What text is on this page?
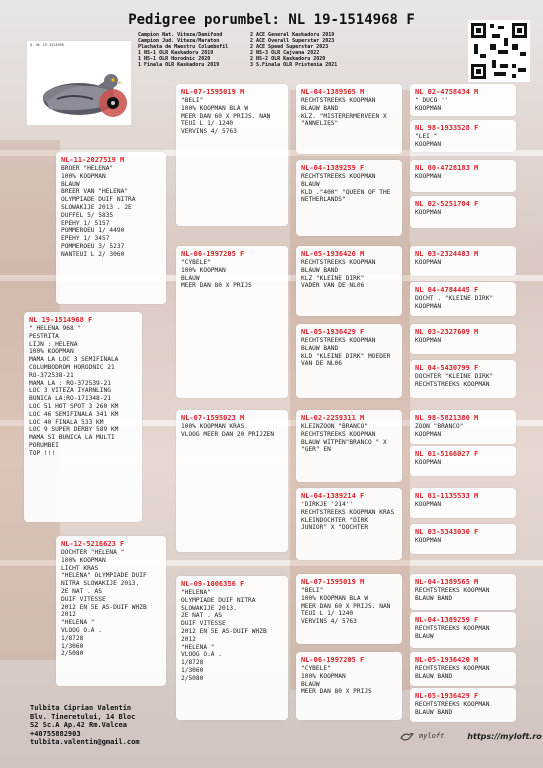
Pedigree porumbel: NL 19-1514968 F
Q. NL 19-1514968
Campion Nat. Viteza/Demifond
Campion Jud. Viteza/Maraton
Plachata de Maestru Columbofil
1 NS-1 OLR Kaskadoru 2019
1 NS-1 OLR Horodnic 2020
1 Finala OLR Kaskadoru 2019
2 ACE General Kaskadoru 2019
2 ACE Overall Superstar 2023
2 ACE Speed Superstar 2023
2 NS-3 OLR Cajvana 2022
2 NS-2 OLR Kaskadoru 2020
3 S.Finala OLR Pristenia 2021
NL 19-1514968 F
" HELENA 968 "
PESTRITA
LIJN : HELENA
100% KOOPMAN
MAMA LA LOC 3 SEMIFINALA COLUMBODROM HORODNIC 21
RO-372538-21
MAMA LA : RO-372539-21
LOC 3 VITEZA IYARNLING BUNICA LA:RO-171348-21
LOC 51 HOT SPOT 3 260 KM
LOC 46 SEMIFINALA 341 KM
LOC 40 FINALA 533 KM
LOC 9 SUPER DERBY 589 KM
MAMA SI BUNICA LA MULTI PORUMBEI
TOP !!!
NL-11-2027519 M
BROER "HELENA"
100% KOOPMAN
BLAUW
BREER VAN "HELENA" OLYMPIADE DUIF NITRA SLOWAKIJE 2013 . 2E
DUFFEL 5/ 5835
EPEHY 1/ 5157
POMMEROEU 1/ 4490
EPEHY 1/ 3457
POMMEROEU 3/ 5237
NANTEUI L 2/ 3060
NL-12-5216623 F
DOCHTER "HELENA "
100% KOOPMAN
LICHT KRAS
"HELENA" OLYMPIADE DUIF NITRA SLOWAKIJE 2013.
2E NAT . AS
DUIF VITESSE
2012 EN 5E AS-DUIF WHZB 2012
"HELENA "
VLOOG O.A .
1/8728
1/3060
2/5080
NL-07-1595019 M
"BELI"
100% KOOPMAN BLA W
MEER DAN 60 X PRIJS. NAN TEUI L 1/ 1240
VERVINS 4/ 5763
NL-06-1997205 F
"CYBELE"
100% KOOPMAN
BLAUW
MEER DAN 80 X PRIJS
NL-07-1595023 M
100% KOOPMAN KRAS
VLOOG MEER DAN 20 PRIJZEN
NL-09-1006356 F
"HELENA"
OLYMPIADE DUIF NITRA SLOWAKIJE 2013.
2E NAT . AS
DUIF VITESSE
2012 EN 5E AS-DUIF WHZB 2012
"HELENA "
VLOOG O.A .
1/8728
1/3060
2/5080
NL-04-1389565 M
RECHTSTREEKS KOOPMAN BLAUW BAND
KLZ. "MISTERERMERVEEN X "ANNELIES"
NL-04-1389259 F
RECHTSTREEKS KOOPMAN BLAUW
KLD ."400" "QUEEN OF THE NETHERLANDS"
NL-05-1936420 M
RECHTSTREEKS KOOPMAN BLAUW BAND
KLZ "KLEINE DIRK"
VADER VAN DE NL06
NL-05-1936429 F
RECHTSTREEKS KOOPMAN BLAUW BAND
KLD "KLEINE DIRK" MOEDER VAN DE NL06
NL-02-2259311 M
KLEINZOON "BRANCO" RECHTSTREEKS KOOPMAN BLAUW WITPEN"BRANCO " X "GER" EN
NL-04-1389214 F
'DIRKJE '214'' RECHTSTREEKS KOOPMAN KRAS KLEINDOCHTER "DIRK JUNIOR" X "DOCHTER
NL-07-1595019 M
"BELI"
100% KOOPMAN BLA W
MEER DAN 60 X PRIJS. NAN TEUI L 1/ 1240
VERVINS 4/ 5763
NL-06-1997205 F
"CYBELE"
100% KOOPMAN
BLAUW
MEER DAN 80 X PRIJS
NL 02-4758434 M
" DUCO ''
KOOPMAN
NL 98-1933528 F
"LEI "
KOOPMAN
NL 00-4728183 M
KOOPMAN
NL 02-5251704 F
KOOPMAN
NL 03-2324483 M
KOOPMAN
NL 04-4784445 F
DOCHT . "KLEINE DIRK"
KOOPMAN
NL 03-2327609 M
KOOPMAN
NL 04-5430799 F
DOCHTER "KLEINE DIRK"
RECHTSTREEKS KOOPMAN
NL 98-5821380 M
ZOON "BRANCO"
KOOPMAN
NL 01-5166027 F
KOOPMAN
NL 01-1135533 M
KOOPMAN
NL 03-5343030 F
KOOPMAN
NL-04-1389565 M
RECHTSTREEKS KOOPMAN BLAUW BAND
NL-04-1389259 F
RECHTSTREEKS KOOPMAN BLAUW
NL-05-1936420 M
RECHTSTREEKS KOOPMAN BLAUW BAND
NL-05-1936429 F
RECHTSTREEKS KOOPMAN BLAUW BAND
Tulbita Ciprian Valentin
Blv. Tineretului, 14 Bloc
S2 Sc.A Ap.42 Rm.Valcea
+40755882903
tulbita.valentin@gmail.com
myloft	https://myloft.ro
